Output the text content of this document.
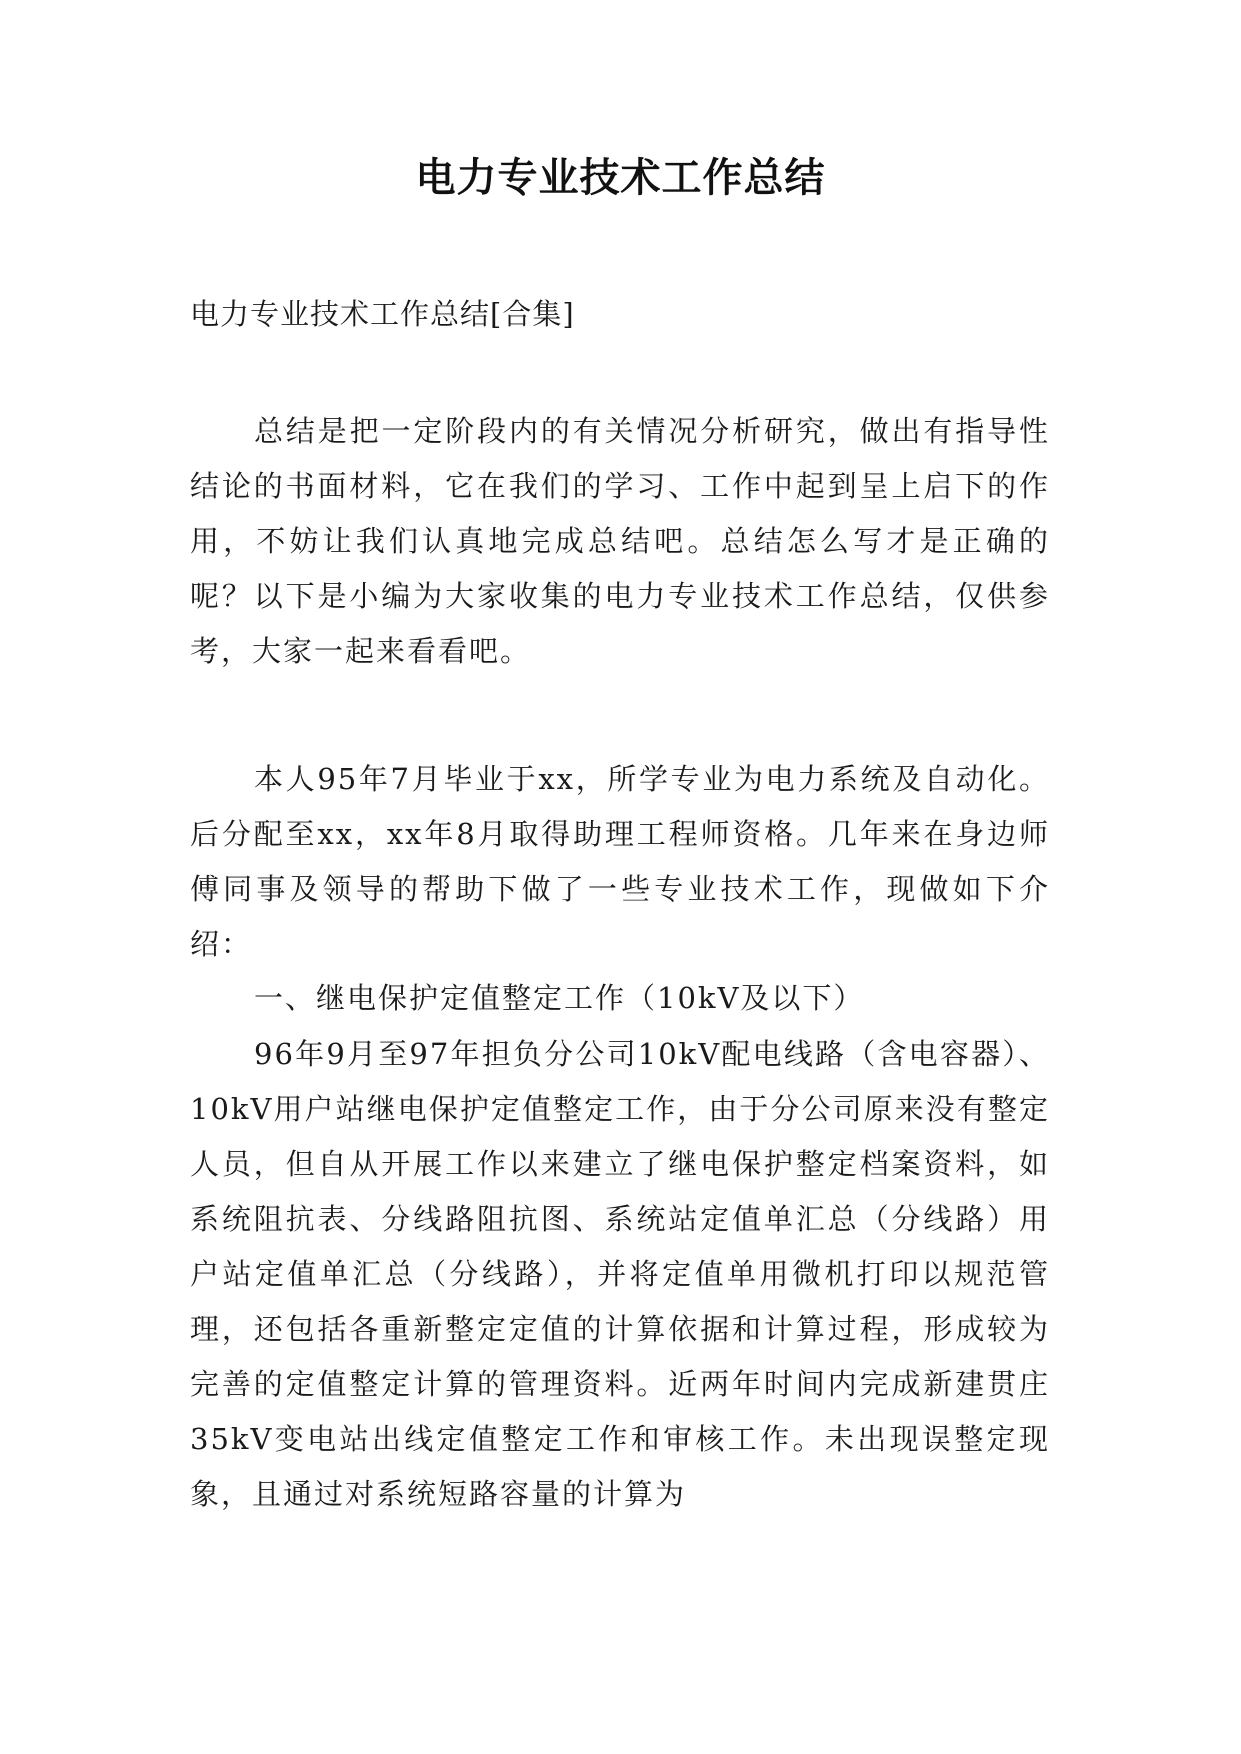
电力专业技术工作总结
电力专业技术工作总结[合集]

总结是把一定阶段内的有关情况分析研究，做出有指导性结论的书面材料，它在我们的学习、工作中起到呈上启下的作用，不妨让我们认真地完成总结吧。总结怎么写才是正确的呢？以下是小编为大家收集的电力专业技术工作总结，仅供参考，大家一起来看看吧。

本人95年7月毕业于xx，所学专业为电力系统及自动化。后分配至xx，xx年8月取得助理工程师资格。几年来在身边师傅同事及领导的帮助下做了一些专业技术工作，现做如下介绍：

一、继电保护定值整定工作（10kV及以下）

96年9月至97年担负分公司10kV配电线路（含电容器）、10kV用户站继电保护定值整定工作，由于分公司原来没有整定人员，但自从开展工作以来建立了继电保护整定档案资料，如系统阻抗表、分线路阻抗图、系统站定值单汇总（分线路）用户站定值单汇总（分线路），并将定值单用微机打印以规范管理，还包括各重新整定定值的计算依据和计算过程，形成较为完善的定值整定计算的管理资料。近两年时间内完成新建贯庄35kV变电站出线定值整定工作和审核工作。未出现误整定现象，且通过对系统短路容量的计算为
